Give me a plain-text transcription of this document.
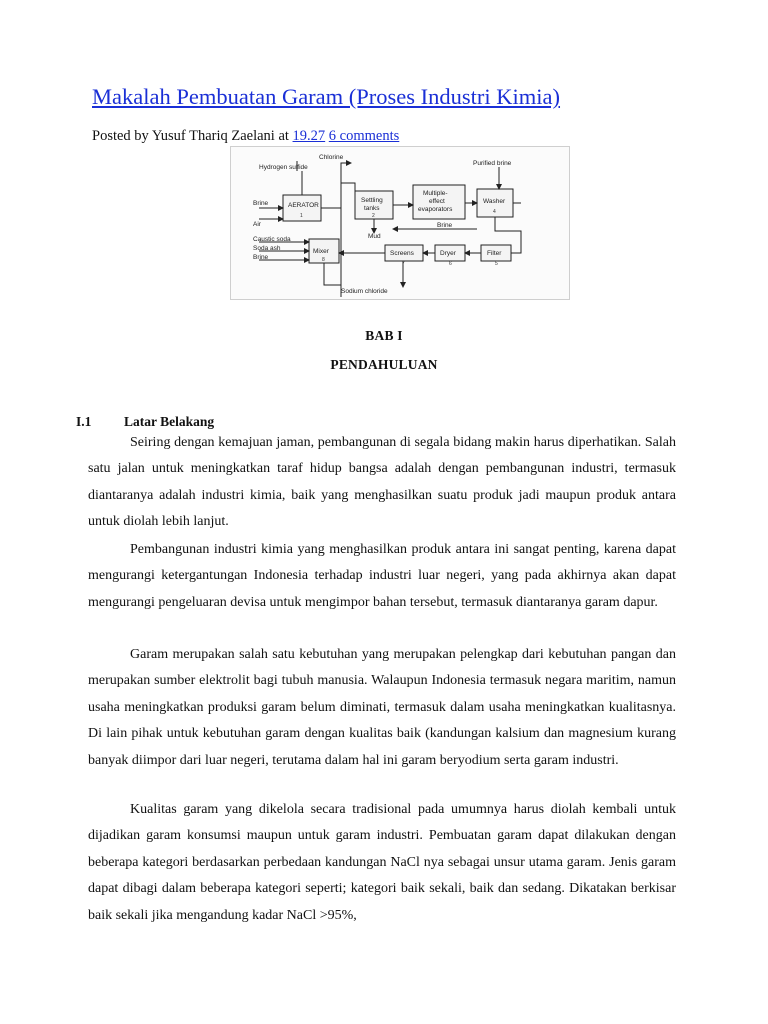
Makalah Pembuatan Garam (Proses Industri Kimia)
Posted by Yusuf Thariq Zaelani at 19.27 6 comments
Chlorine
Hydrogen sulfide
Purified brine
Brine
Air
Caustic soda
Soda ash
Brine
AERATOR
1
Settling
tanks
2
Multiple-
effect
evaporators
Washer
4
Mud
Brine
Mixer
8
Screens
7
Dryer
6
Filter
5
Sodium chloride
BAB I
PENDAHULUAN
I.1 Latar Belakang

Seiring dengan kemajuan jaman, pembangunan di segala bidang makin harus diperhatikan. Salah satu jalan untuk meningkatkan taraf hidup bangsa adalah dengan pembangunan industri, termasuk diantaranya adalah industri kimia, baik yang menghasilkan suatu produk jadi maupun produk antara untuk diolah lebih lanjut.

Pembangunan industri kimia yang menghasilkan produk antara ini sangat penting, karena dapat mengurangi ketergantungan Indonesia terhadap industri luar negeri, yang pada akhirnya akan dapat mengurangi pengeluaran devisa untuk mengimpor bahan tersebut, termasuk diantaranya garam dapur.

Garam merupakan salah satu kebutuhan yang merupakan pelengkap dari kebutuhan pangan dan merupakan sumber elektrolit bagi tubuh manusia. Walaupun Indonesia termasuk negara maritim, namun usaha meningkatkan produksi garam belum diminati, termasuk dalam usaha meningkatkan kualitasnya. Di lain pihak untuk kebutuhan garam dengan kualitas baik (kandungan kalsium dan magnesium kurang banyak diimpor dari luar negeri, terutama dalam hal ini garam beryodium serta garam industri.

Kualitas garam yang dikelola secara tradisional pada umumnya harus diolah kembali untuk dijadikan garam konsumsi maupun untuk garam industri. Pembuatan garam dapat dilakukan dengan beberapa kategori berdasarkan perbedaan kandungan NaCl nya sebagai unsur utama garam. Jenis garam dapat dibagi dalam beberapa kategori seperti; kategori baik sekali, baik dan sedang. Dikatakan berkisar baik sekali jika mengandung kadar NaCl >95%,
